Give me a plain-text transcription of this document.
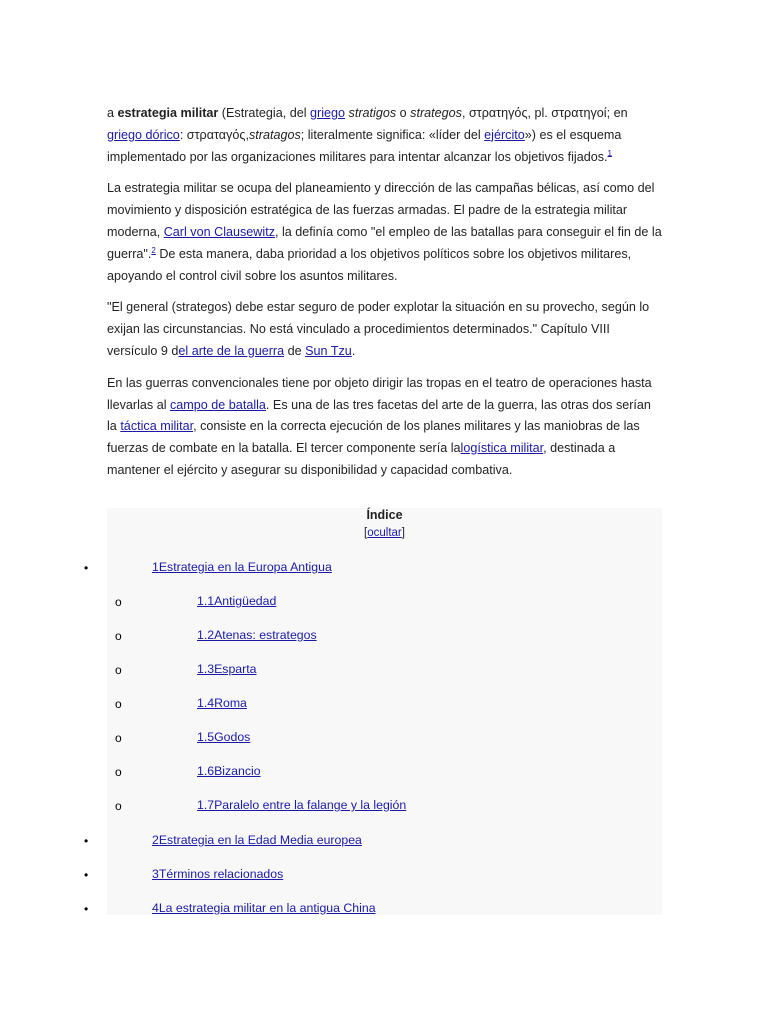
a estrategia militar (Estrategia, del griego stratigos o strategos, στρατηγός, pl. στρατηγοί; en griego dórico: στραταγός,stratagos; literalmente significa: «líder del ejército») es el esquema implementado por las organizaciones militares para intentar alcanzar los objetivos fijados.$^1$

La estrategia militar se ocupa del planeamiento y dirección de las campañas bélicas, así como del movimiento y disposición estratégica de las fuerzas armadas. El padre de la estrategia militar moderna, Carl von Clausewitz, la definía como "el empleo de las batallas para conseguir el fin de la guerra".$^2$ De esta manera, daba prioridad a los objetivos políticos sobre los objetivos militares, apoyando el control civil sobre los asuntos militares.

"El general (strategos) debe estar seguro de poder explotar la situación en su provecho, según lo exijan las circunstancias. No está vinculado a procedimientos determinados." Capítulo VIII versículo 9 del arte de la guerra de Sun Tzu.

En las guerras convencionales tiene por objeto dirigir las tropas en el teatro de operaciones hasta llevarlas al campo de batalla. Es una de las tres facetas del arte de la guerra, las otras dos serían la táctica militar, consiste en la correcta ejecución de los planes militares y las maniobras de las fuerzas de combate en la batalla. El tercer componente sería lalogística militar, destinada a mantener el ejército y asegurar su disponibilidad y capacidad combativa.

Índice
[ocultar]
•	1Estrategia en la Europa Antigua
o	1.1Antigüedad
o	1.2Atenas: estrategos
o	1.3Esparta
o	1.4Roma
o	1.5Godos
o	1.6Bizancio
o	1.7Paralelo entre la falange y la legión
•	2Estrategia en la Edad Media europea
•	3Términos relacionados
•	4La estrategia militar en la antigua China
